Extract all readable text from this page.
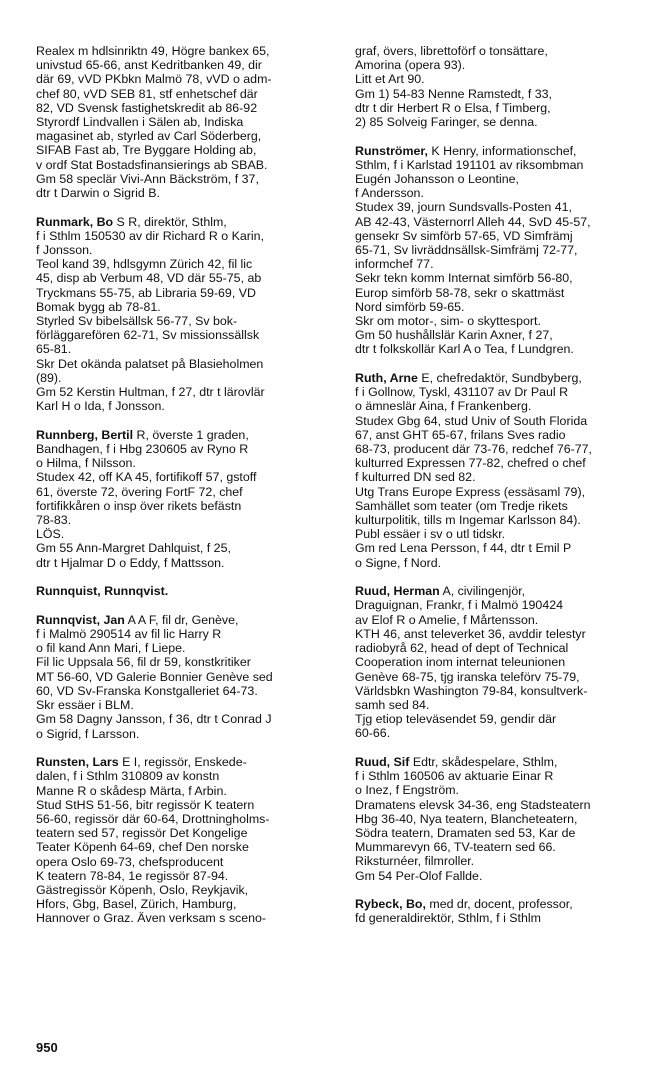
Realex m hdlsinriktn 49, Högre bankex 65,
univstud 65-66, anst Kedritbanken 49, dir
där 69, vVD PKbkn Malmö 78, vVD o adm-
chef 80, vVD SEB 81, stf enhetschef där
82, VD Svensk fastighetskredit ab 86-92
Styrordf Lindvallen i Sälen ab, Indiska
magasinet ab, styrled av Carl Söderberg,
SIFAB Fast ab, Tre Byggare Holding ab,
v ordf Stat Bostadsfinansierings ab SBAB.
Gm 58 speclär Vivi-Ann Bäckström, f 37,
dtr t Darwin o Sigrid B.
Runmark, Bo S R, direktör, Sthlm,
f i Sthlm 150530 av dir Richard R o Karin,
f Jonsson.
Teol kand 39, hdlsgymn Zürich 42, fil lic
45, disp ab Verbum 48, VD där 55-75, ab
Tryckmans 55-75, ab Libraria 59-69, VD
Bomak bygg ab 78-81.
Styrled Sv bibelsällsk 56-77, Sv bok-
förläggarefören 62-71, Sv missionssällsk
65-81.
Skr Det okända palatset på Blasieholmen
(89).
Gm 52 Kerstin Hultman, f 27, dtr t lärovlär
Karl H o Ida, f Jonsson.
Runnberg, Bertil R, överste 1 graden,
Bandhagen, f i Hbg 230605 av Ryno R
o Hilma, f Nilsson.
Studex 42, off KA 45, fortifikoff 57, gstoff
61, överste 72, övering FortF 72, chef
fortifikkåren o insp över rikets befästn
78-83.
LÖS.
Gm 55 Ann-Margret Dahlquist, f 25,
dtr t Hjalmar D o Eddy, f Mattsson.
Runnquist, Runnqvist.
Runnqvist, Jan A A F, fil dr, Genève,
f i Malmö 290514 av fil lic Harry R
o fil kand Ann Mari, f Liepe.
Fil lic Uppsala 56, fil dr 59, konstkritiker
MT 56-60, VD Galerie Bonnier Genève sed
60, VD Sv-Franska Konstgalleriet 64-73.
Skr essäer i BLM.
Gm 58 Dagny Jansson, f 36, dtr t Conrad J
o Sigrid, f Larsson.
Runsten, Lars E I, regissör, Enskede-
dalen, f i Sthlm 310809 av konstn
Manne R o skådesp Märta, f Arbin.
Stud StHS 51-56, bitr regissör K teatern
56-60, regissör där 60-64, Drottningholms-
teatern sed 57, regissör Det Kongelige
Teater Köpenh 64-69, chef Den norske
opera Oslo 69-73, chefsproducent
K teatern 78-84, 1e regissör 87-94.
Gästregissör Köpenh, Oslo, Reykjavik,
Hfors, Gbg, Basel, Zürich, Hamburg,
Hannover o Graz. Även verksam s sceno-
graf, övers, librettoförf o tonsättare,
Amorina (opera 93).
Litt et Art 90.
Gm 1) 54-83 Nenne Ramstedt, f 33,
dtr t dir Herbert R o Elsa, f Timberg,
2) 85 Solveig Faringer, se denna.
Runströmer, K Henry, informationschef,
Sthlm, f i Karlstad 191101 av riksombman
Eugén Johansson o Leontine,
f Andersson.
Studex 39, journ Sundsvalls-Posten 41,
AB 42-43, Västernorrl Alleh 44, SvD 45-57,
gensekr Sv simförb 57-65, VD Simfrämj
65-71, Sv livräddnsällsk-Simfrämj 72-77,
informchef 77.
Sekr tekn komm Internat simförb 56-80,
Europ simförb 58-78, sekr o skattmäst
Nord simförb 59-65.
Skr om motor-, sim- o skyttesport.
Gm 50 hushållslär Karin Axner, f 27,
dtr t folkskollär Karl A o Tea, f Lundgren.
Ruth, Arne E, chefredaktör, Sundbyberg,
f i Gollnow, Tyskl, 431107 av Dr Paul R
o ämneslär Aina, f Frankenberg.
Studex Gbg 64, stud Univ of South Florida
67, anst GHT 65-67, frilans Sves radio
68-73, producent där 73-76, redchef 76-77,
kulturred Expressen 77-82, chefred o chef
f kulturred DN sed 82.
Utg Trans Europe Express (essäsaml 79),
Samhället som teater (om Tredje rikets
kulturpolitik, tills m Ingemar Karlsson 84).
Publ essäer i sv o utl tidskr.
Gm red Lena Persson, f 44, dtr t Emil P
o Signe, f Nord.
Ruud, Herman A, civilingenjör,
Draguignan, Frankr, f i Malmö 190424
av Elof R o Amelie, f Mårtensson.
KTH 46, anst televerket 36, avddir telestyr
radiobyrå 62, head of dept of Technical
Cooperation inom internat teleunionen
Genève 68-75, tjg iranska teleförv 75-79,
Världsbkn Washington 79-84, konsultverk-
samh sed 84.
Tjg etiop televäsendet 59, gendir där
60-66.
Ruud, Sif Edtr, skådespelare, Sthlm,
f i Sthlm 160506 av aktuarie Einar R
o Inez, f Engström.
Dramatens elevsk 34-36, eng Stadsteatern
Hbg 36-40, Nya teatern, Blancheteatern,
Södra teatern, Dramaten sed 53, Kar de
Mummarevyn 66, TV-teatern sed 66.
Riksturnéer, filmroller.
Gm 54 Per-Olof Fallde.
Rybeck, Bo, med dr, docent, professor,
fd generaldirektör, Sthlm, f i Sthlm
950
